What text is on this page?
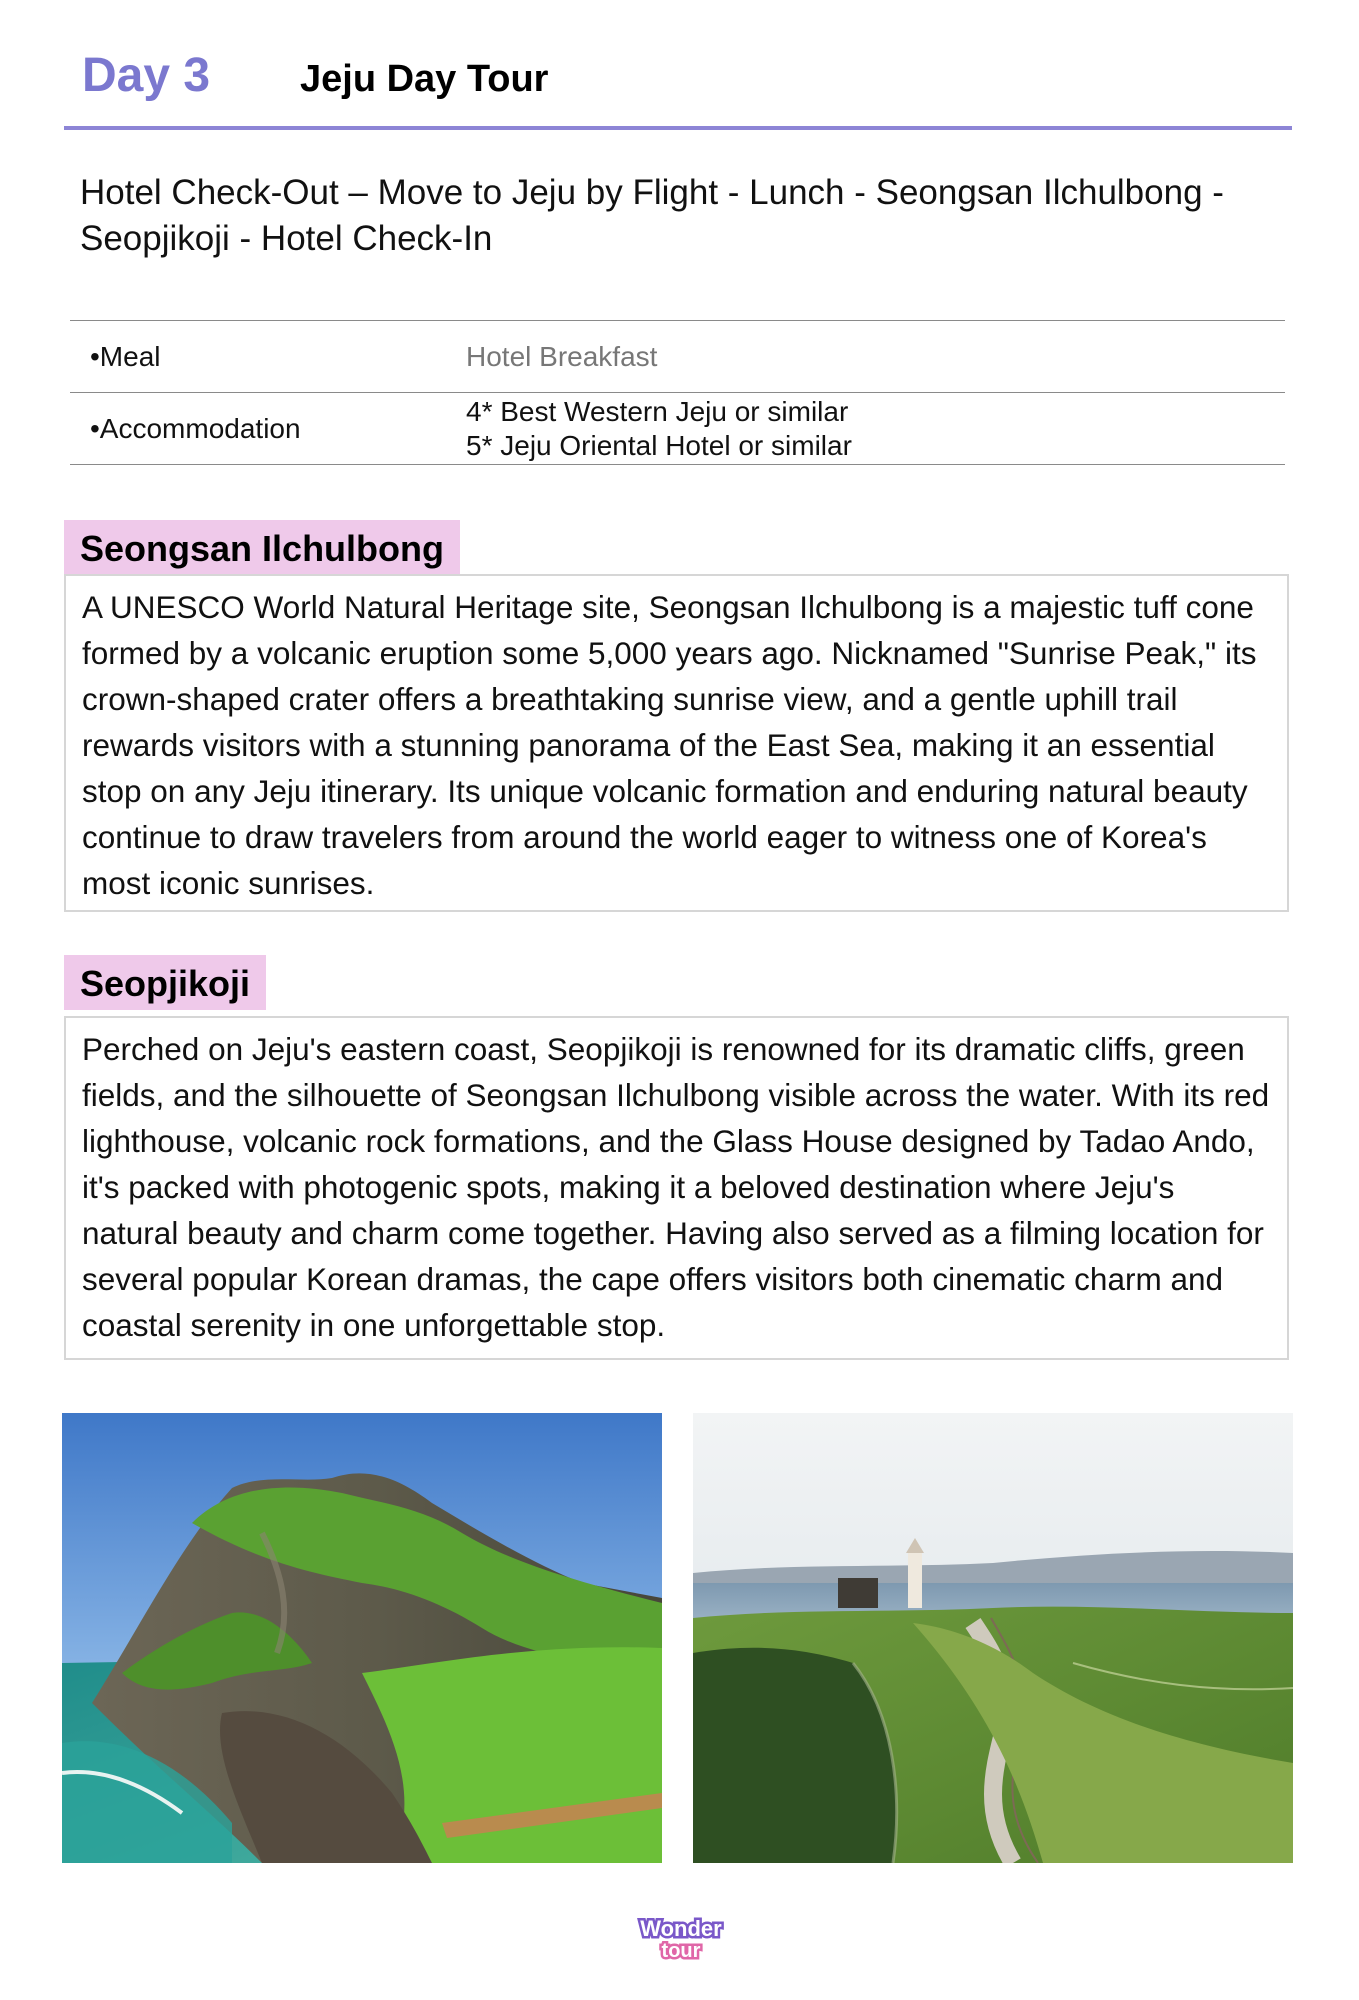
Day 3 Jeju Day Tour
Hotel Check-Out – Move to Jeju by Flight - Lunch - Seongsan Ilchulbong - Seopjikoji - Hotel Check-In
•Meal	Hotel Breakfast
•Accommodation	4* Best Western Jeju or similar
5* Jeju Oriental Hotel or similar
Seongsan Ilchulbong
A UNESCO World Natural Heritage site, Seongsan Ilchulbong is a majestic tuff cone formed by a volcanic eruption some 5,000 years ago. Nicknamed "Sunrise Peak," its crown-shaped crater offers a breathtaking sunrise view, and a gentle uphill trail rewards visitors with a stunning panorama of the East Sea, making it an essential stop on any Jeju itinerary. Its unique volcanic formation and enduring natural beauty continue to draw travelers from around the world eager to witness one of Korea's most iconic sunrises.
Seopjikoji
Perched on Jeju's eastern coast, Seopjikoji is renowned for its dramatic cliffs, green fields, and the silhouette of Seongsan Ilchulbong visible across the water. With its red lighthouse, volcanic rock formations, and the Glass House designed by Tadao Ando, it's packed with photogenic spots, making it a beloved destination where Jeju's natural beauty and charm come together. Having also served as a filming location for several popular Korean dramas, the cape offers visitors both cinematic charm and coastal serenity in one unforgettable stop.
Wonder
tour
